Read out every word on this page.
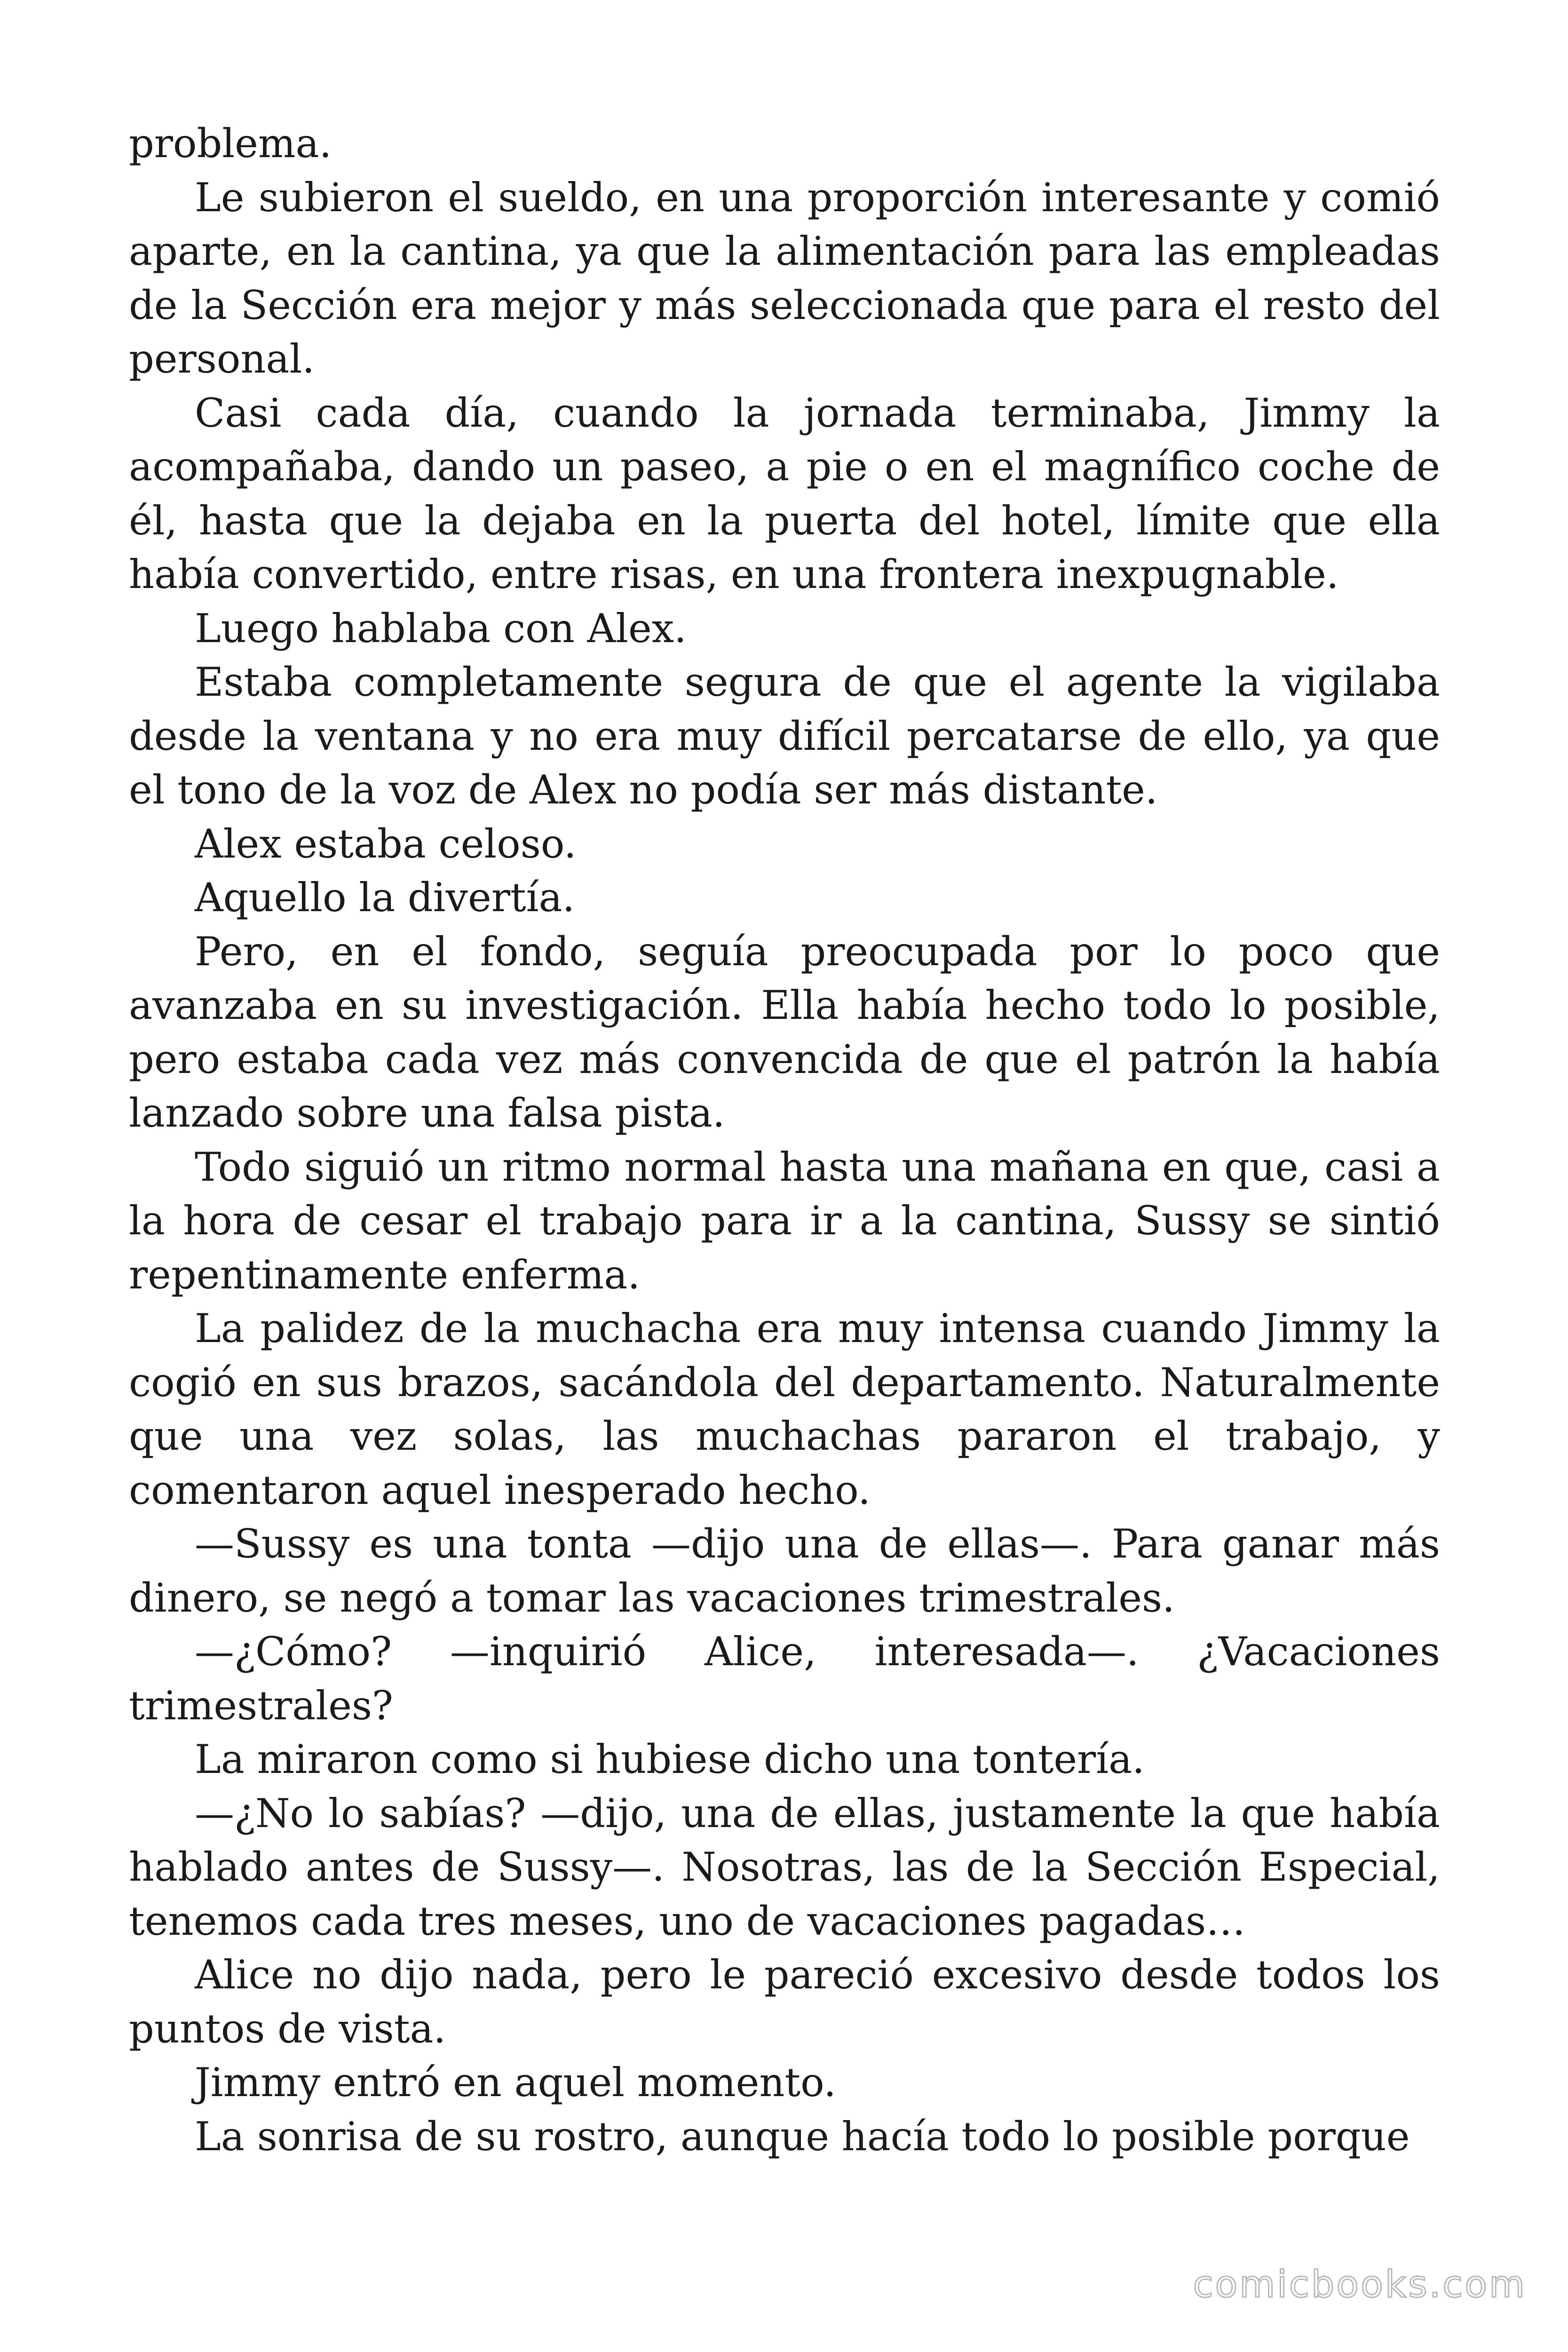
problema.

Le subieron el sueldo, en una proporción interesante y comió aparte, en la cantina, ya que la alimentación para las empleadas de la Sección era mejor y más seleccionada que para el resto del personal.

Casi cada día, cuando la jornada terminaba, Jimmy la acompañaba, dando un paseo, a pie o en el magnífico coche de él, hasta que la dejaba en la puerta del hotel, límite que ella había convertido, entre risas, en una frontera inexpugnable.

Luego hablaba con Alex.

Estaba completamente segura de que el agente la vigilaba desde la ventana y no era muy difícil percatarse de ello, ya que el tono de la voz de Alex no podía ser más distante.

Alex estaba celoso.

Aquello la divertía.

Pero, en el fondo, seguía preocupada por lo poco que avanzaba en su investigación. Ella había hecho todo lo posible, pero estaba cada vez más convencida de que el patrón la había lanzado sobre una falsa pista.

Todo siguió un ritmo normal hasta una mañana en que, casi a la hora de cesar el trabajo para ir a la cantina, Sussy se sintió repentinamente enferma.

La palidez de la muchacha era muy intensa cuando Jimmy la cogió en sus brazos, sacándola del departamento. Naturalmente que una vez solas, las muchachas pararon el trabajo, y comentaron aquel inesperado hecho.

—Sussy es una tonta —dijo una de ellas—. Para ganar más dinero, se negó a tomar las vacaciones trimestrales.

—¿Cómo? —inquirió Alice, interesada—. ¿Vacaciones trimestrales?

La miraron como si hubiese dicho una tontería.

—¿No lo sabías? —dijo, una de ellas, justamente la que había hablado antes de Sussy—. Nosotras, las de la Sección Especial, tenemos cada tres meses, uno de vacaciones pagadas…

Alice no dijo nada, pero le pareció excesivo desde todos los puntos de vista.

Jimmy entró en aquel momento.

La sonrisa de su rostro, aunque hacía todo lo posible porque

comicbooks.com
